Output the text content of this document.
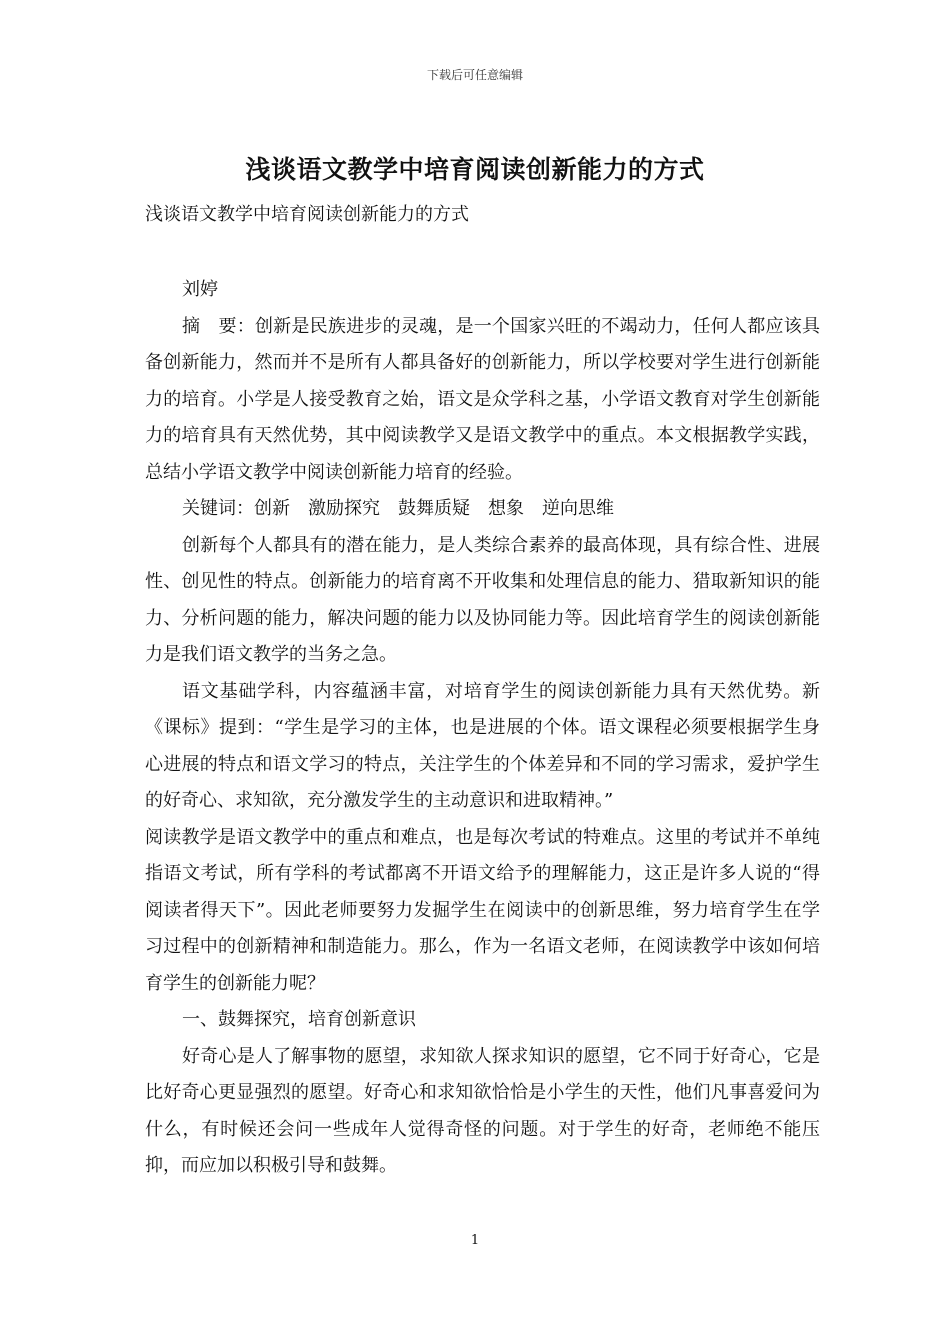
下载后可任意编辑
浅谈语文教学中培育阅读创新能力的方式
浅谈语文教学中培育阅读创新能力的方式

刘婷

摘　要：创新是民族进步的灵魂，是一个国家兴旺的不竭动力，任何人都应该具备创新能力，然而并不是所有人都具备好的创新能力，所以学校要对学生进行创新能力的培育。小学是人接受教育之始，语文是众学科之基，小学语文教育对学生创新能力的培育具有天然优势，其中阅读教学又是语文教学中的重点。本文根据教学实践，总结小学语文教学中阅读创新能力培育的经验。

关键词：创新　激励探究　鼓舞质疑　想象　逆向思维

创新每个人都具有的潜在能力，是人类综合素养的最高体现，具有综合性、进展性、创见性的特点。创新能力的培育离不开收集和处理信息的能力、猎取新知识的能力、分析问题的能力，解决问题的能力以及协同能力等。因此培育学生的阅读创新能力是我们语文教学的当务之急。

语文基础学科，内容蕴涵丰富，对培育学生的阅读创新能力具有天然优势。新《课标》提到：“学生是学习的主体，也是进展的个体。语文课程必须要根据学生身心进展的特点和语文学习的特点，关注学生的个体差异和不同的学习需求，爱护学生的好奇心、求知欲，充分激发学生的主动意识和进取精神。”

阅读教学是语文教学中的重点和难点，也是每次考试的特难点。这里的考试并不单纯指语文考试，所有学科的考试都离不开语文给予的理解能力，这正是许多人说的“得阅读者得天下”。因此老师要努力发掘学生在阅读中的创新思维，努力培育学生在学习过程中的创新精神和制造能力。那么，作为一名语文老师，在阅读教学中该如何培育学生的创新能力呢？

一、鼓舞探究，培育创新意识

好奇心是人了解事物的愿望，求知欲人探求知识的愿望，它不同于好奇心，它是比好奇心更显强烈的愿望。好奇心和求知欲恰恰是小学生的天性，他们凡事喜爱问为什么，有时候还会问一些成年人觉得奇怪的问题。对于学生的好奇，老师绝不能压抑，而应加以积极引导和鼓舞。

1
